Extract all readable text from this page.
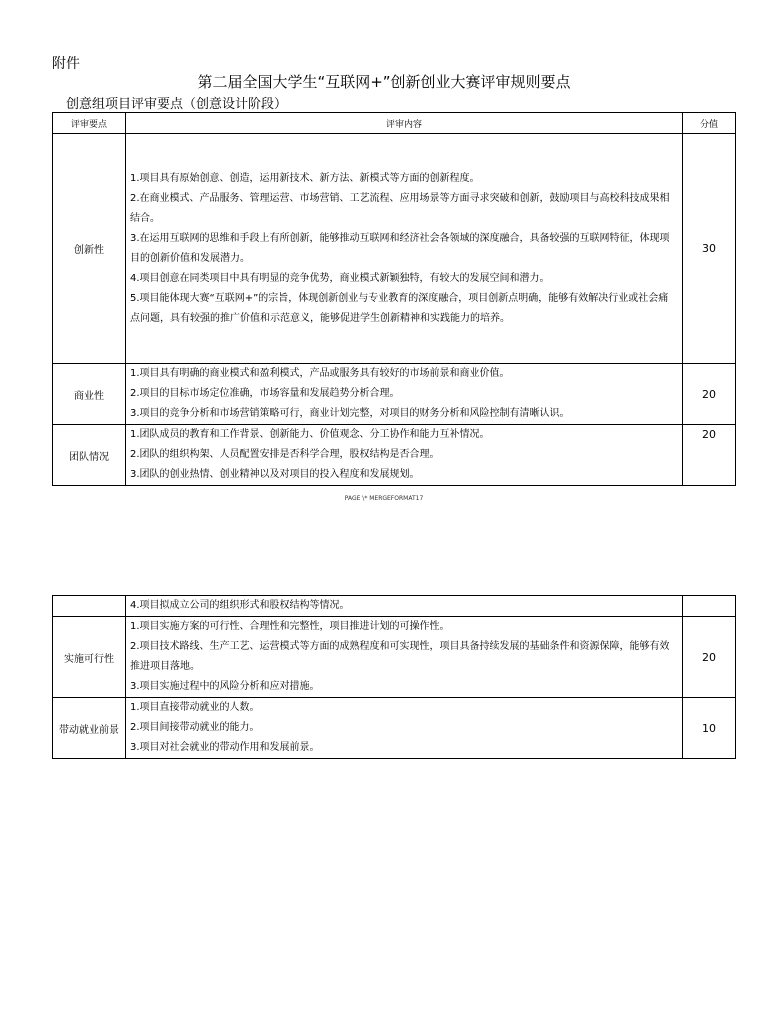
附件
第二届全国大学生“互联网+”创新创业大赛评审规则要点
创意组项目评审要点（创意设计阶段）
评审要点	评审内容	分值
创新性	1.项目具有原始创意、创造，运用新技术、新方法、新模式等方面的创新程度。
2.在商业模式、产品服务、管理运营、市场营销、工艺流程、应用场景等方面寻求突破和创新，鼓励项目与高校科技成果相结合。
3.在运用互联网的思维和手段上有所创新，能够推动互联网和经济社会各领域的深度融合，具备较强的互联网特征，体现项目的创新价值和发展潜力。
4.项目创意在同类项目中具有明显的竞争优势，商业模式新颖独特，有较大的发展空间和潜力。
5.项目能体现大赛“互联网+”的宗旨，体现创新创业与专业教育的深度融合，项目创新点明确，能够有效解决行业或社会痛点问题，具有较强的推广价值和示范意义，能够促进学生创新精神和实践能力的培养。	30
商业性	1.项目具有明确的商业模式和盈利模式，产品或服务具有较好的市场前景和商业价值。
2.项目的目标市场定位准确，市场容量和发展趋势分析合理。
3.项目的竞争分析和市场营销策略可行，商业计划完整，对项目的财务分析和风险控制有清晰认识。	20
团队情况	1.团队成员的教育和工作背景、创新能力、价值观念、分工协作和能力互补情况。
2.团队的组织构架、人员配置安排是否科学合理，股权结构是否合理。
3.团队的创业热情、创业精神以及对项目的投入程度和发展规划。	20
PAGE \* MERGEFORMAT17

	4.项目拟成立公司的组织形式和股权结构等情况。	

实施可行性	1.项目实施方案的可行性、合理性和完整性，项目推进计划的可操作性。
2.项目技术路线、生产工艺、运营模式等方面的成熟程度和可实现性，项目具备持续发展的基础条件和资源保障，能够有效推进项目落地。
3.项目实施过程中的风险分析和应对措施。	20
带动就业前景	1.项目直接带动就业的人数。
2.项目间接带动就业的能力。
3.项目对社会就业的带动作用和发展前景。	10
